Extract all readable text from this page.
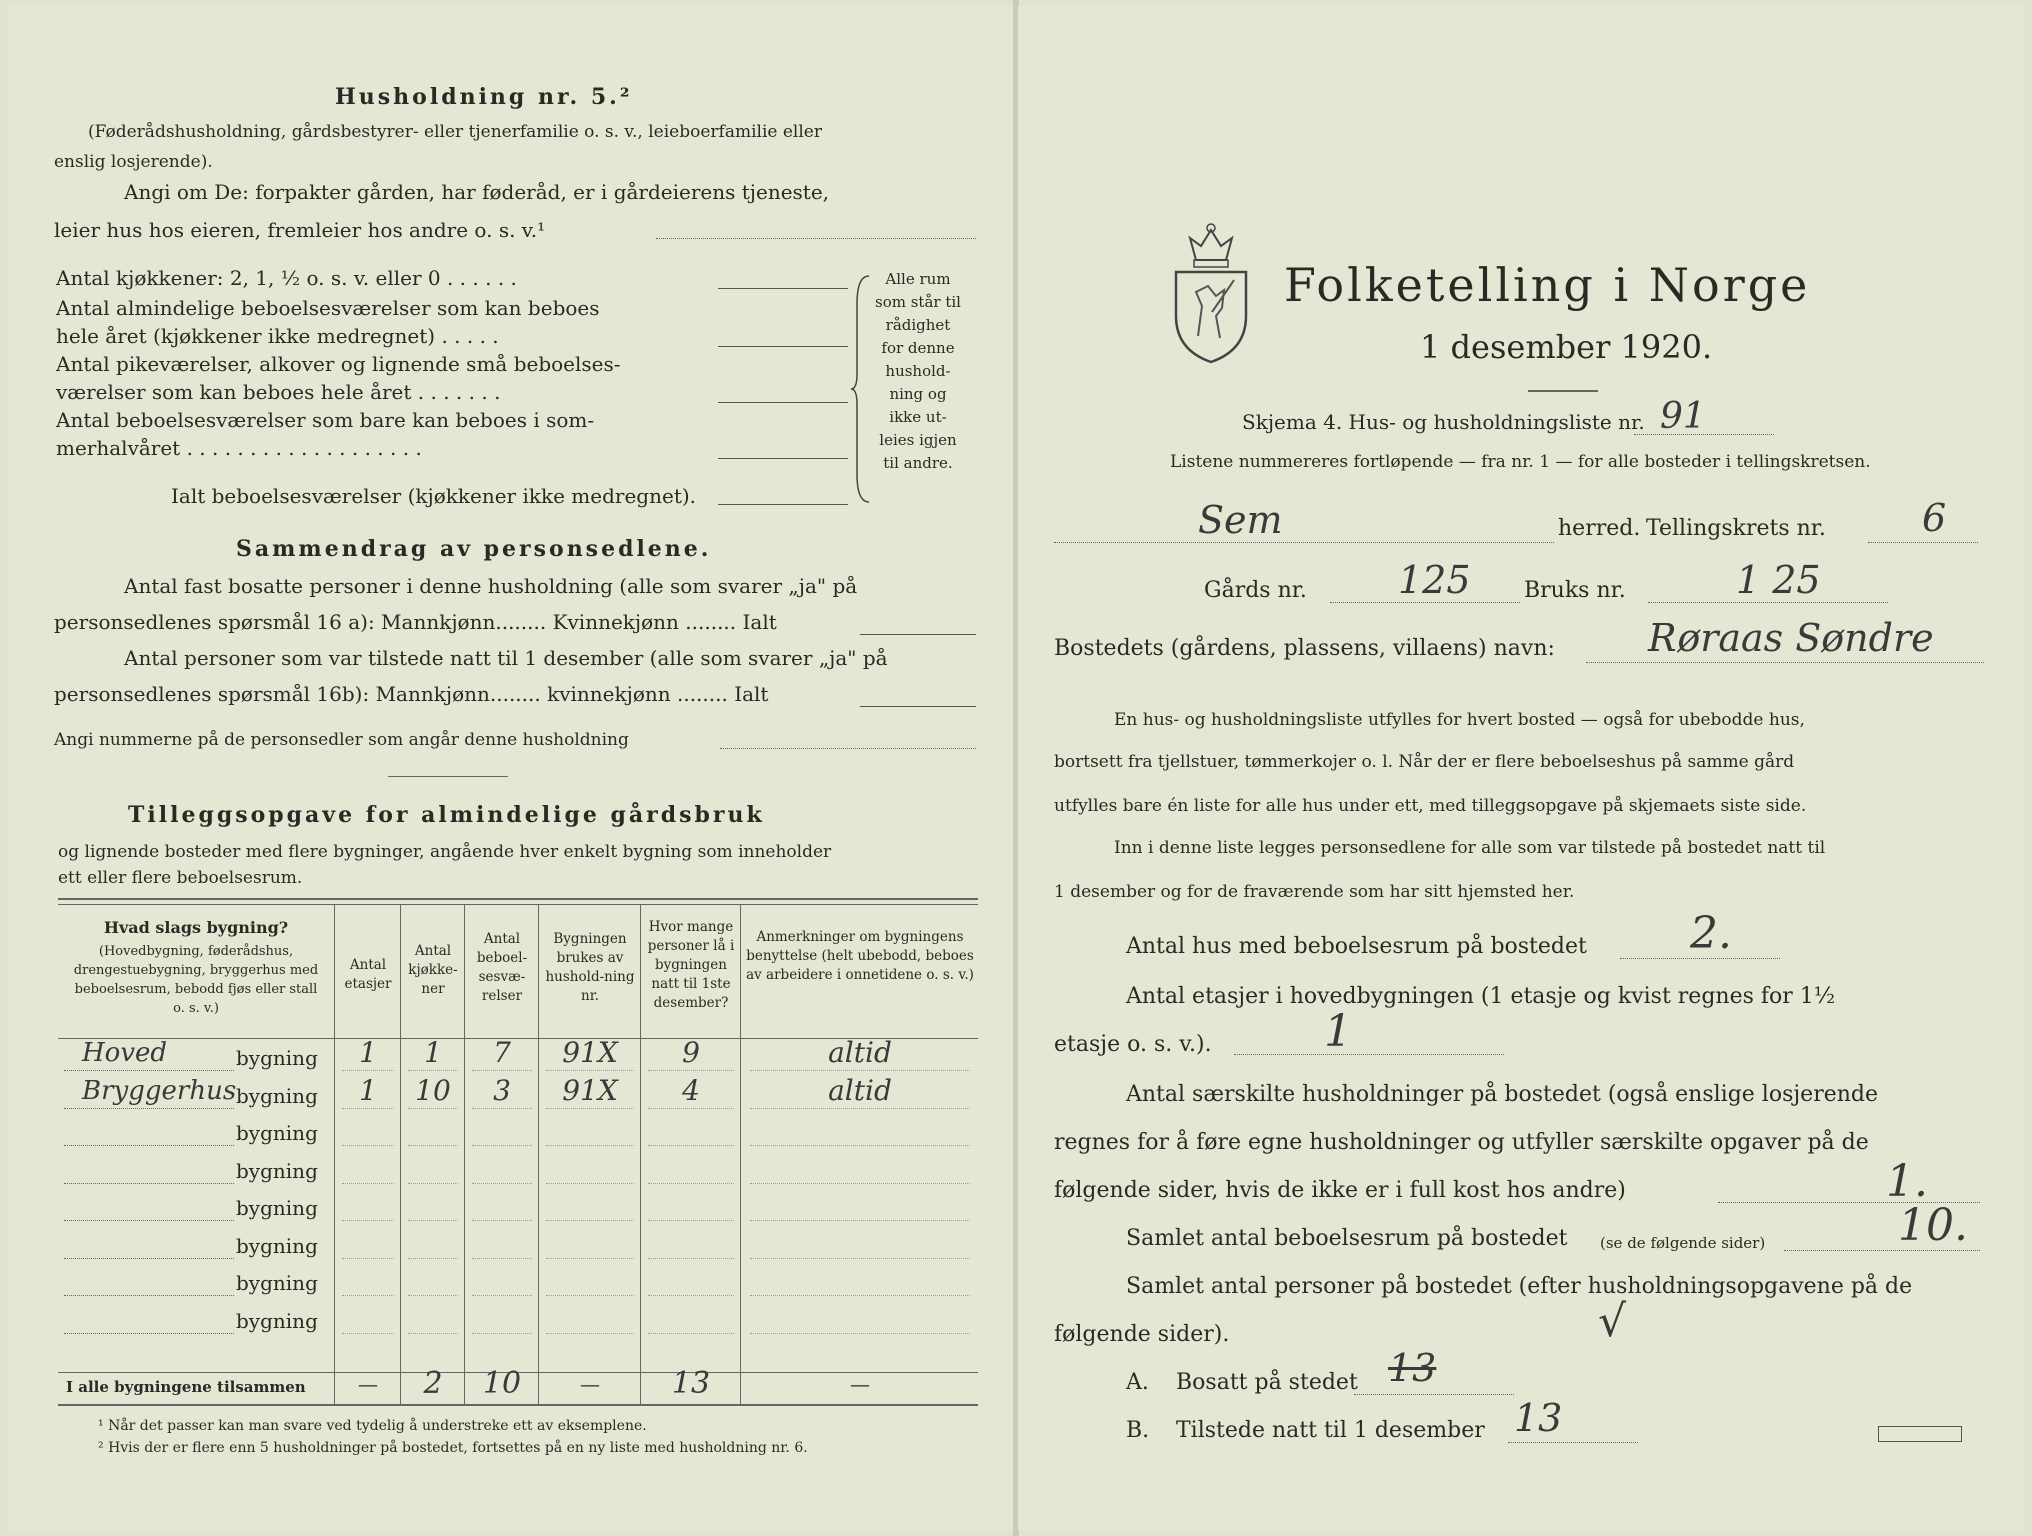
Husholdning nr. 5.²
(Føderådshusholdning, gårdsbestyrer- eller tjenerfamilie o. s. v., leieboerfamilie eller
enslig losjerende).
Angi om De: forpakter gården, har føderåd, er i gårdeierens tjeneste,
leier hus hos eieren, fremleier hos andre o. s. v.¹
Antal kjøkkener: 2, 1, ½ o. s. v. eller 0 . . . . . .
Antal almindelige beboelsesværelser som kan beboes
hele året (kjøkkener ikke medregnet) . . . . .
Antal pikeværelser, alkover og lignende små beboelses-
værelser som kan beboes hele året . . . . . . .
Antal beboelsesværelser som bare kan beboes i som-
merhalvåret . . . . . . . . . . . . . . . . . . .
Alle rum
som står til
rådighet
for denne
hushold-
ning og
ikke ut-
leies igjen
til andre.
Ialt beboelsesværelser (kjøkkener ikke medregnet).
Sammendrag av personsedlene.
Antal fast bosatte personer i denne husholdning (alle som svarer „ja" på
personsedlenes spørsmål 16 a): Mannkjønn........ Kvinnekjønn ........ Ialt
Antal personer som var tilstede natt til 1 desember (alle som svarer „ja" på
personsedlenes spørsmål 16b): Mannkjønn........ kvinnekjønn ........ Ialt
Angi nummerne på de personsedler som angår denne husholdning
Tilleggsopgave for almindelige gårdsbruk
og lignende bosteder med flere bygninger, angående hver enkelt bygning som inneholder
ett eller flere beboelsesrum.
Hvad slags bygning?
(Hovedbygning, føderådshus, drengestuebygning, bryggerhus med beboelsesrum, bebodd fjøs eller stall o. s. v.)
Antal etasjer
Antal kjøkke-ner
Antal beboel-sesvæ-relser
Bygningen brukes av hushold-ning nr.
Hvor mange personer lå i bygningen natt til 1ste desember?
Anmerkninger om bygningens benyttelse (helt ubebodd, beboes av arbeidere i onnetidene o. s. v.)
Hoved	bygning	1	1	7	91X	9	altid
Bryggerhus bygning	1	10	3	91X	4	altid
bygning
bygning
bygning
bygning
bygning
bygning
I alle bygningene tilsammen	—	2	10	—	13	—
¹ Når det passer kan man svare ved tydelig å understreke ett av eksemplene.
² Hvis der er flere enn 5 husholdninger på bostedet, fortsettes på en ny liste med husholdning nr. 6.
Folketelling i Norge
1 desember 1920.
Skjema 4. Hus- og husholdningsliste nr. 91
Listene nummereres fortløpende — fra nr. 1 — for alle bosteder i tellingskretsen.
Sem	herred. Tellingskrets nr.	6
Gårds nr. 125 Bruks nr.	1 25
Bostedets (gårdens, plassens, villaens) navn: Røraas Søndre
En hus- og husholdningsliste utfylles for hvert bosted — også for ubebodde hus,
bortsett fra tjellstuer, tømmerkojer o. l. Når der er flere beboelseshus på samme gård
utfylles bare én liste for alle hus under ett, med tilleggsopgave på skjemaets siste side.
Inn i denne liste legges personsedlene for alle som var tilstede på bostedet natt til
1 desember og for de fraværende som har sitt hjemsted her.
Antal hus med beboelsesrum på bostedet 2.
Antal etasjer i hovedbygningen (1 etasje og kvist regnes for 1½
etasje o. s. v.).	1
Antal særskilte husholdninger på bostedet (også enslige losjerende
regnes for å føre egne husholdninger og utfyller særskilte opgaver på de
følgende sider, hvis de ikke er i full kost hos andre)	1.
Samlet antal beboelsesrum på bostedet (se de følgende sider)	10.
Samlet antal personer på bostedet (efter husholdningsopgavene på de
følgende sider).	√
A. Bosatt på stedet 13
B. Tilstede natt til 1 desember 13
